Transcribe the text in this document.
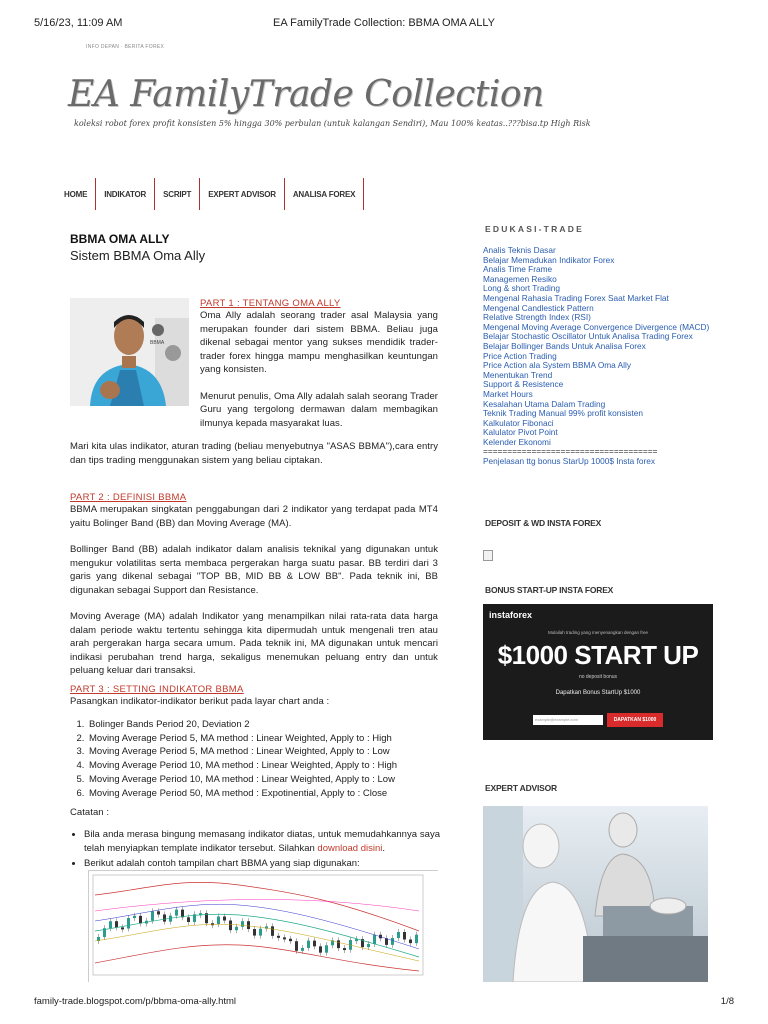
5/16/23, 11:09 AM	EA FamilyTrade Collection: BBMA OMA ALLY
INFO DEPAN · BERITA FOREX
EA FamilyTrade Collection
koleksi robot forex profit konsisten 5% hingga 30% perbulan (untuk kalangan Sendiri), Mau 100% keatas..???bisa.tp High Risk
HOME	INDIKATOR	SCRIPT	EXPERT ADVISOR	ANALISA FOREX
BBMA OMA ALLY
Sistem BBMA Oma Ally
BBMA
PART 1 : TENTANG OMA ALLY

Oma Ally adalah seorang trader asal Malaysia yang merupakan founder dari sistem BBMA. Beliau juga dikenal sebagai mentor yang sukses mendidik trader-trader forex hingga mampu menghasilkan keuntungan yang konsisten.

Menurut penulis, Oma Ally adalah salah seorang Trader Guru yang tergolong dermawan dalam membagikan ilmunya kepada masyarakat luas.

Mari kita ulas indikator, aturan trading (beliau menyebutnya "ASAS BBMA"),cara entry dan tips trading menggunakan sistem yang beliau ciptakan.

PART 2 : DEFINISI BBMA

BBMA merupakan singkatan penggabungan dari 2 indikator yang terdapat pada MT4 yaitu Bolinger Band (BB) dan Moving Average (MA).

Bollinger Band (BB) adalah indikator dalam analisis teknikal yang digunakan untuk mengukur volatilitas serta membaca pergerakan harga suatu pasar. BB terdiri dari 3 garis yang dikenal sebagai "TOP BB, MID BB & LOW BB". Pada teknik ini, BB digunakan sebagai Support dan Resistance.

Moving Average (MA) adalah Indikator yang menampilkan nilai rata-rata data harga dalam periode waktu tertentu sehingga kita dipermudah untuk mengenali tren atau arah pergerakan harga secara umum. Pada teknik ini, MA digunakan untuk mencari indikasi perubahan trend harga, sekaligus menemukan peluang entry dan untuk peluang keluar dari transaksi.

PART 3 : SETTING INDIKATOR BBMA

Pasangkan indikator-indikator berikut pada layar chart anda :

1. Bolinger Bands Period 20, Deviation 2
2. Moving Average Period 5, MA method : Linear Weighted, Apply to : High
3. Moving Average Period 5, MA method : Linear Weighted, Apply to : Low
4. Moving Average Period 10, MA method : Linear Weighted, Apply to : High
5. Moving Average Period 10, MA method : Linear Weighted, Apply to : Low
6. Moving Average Period 50, MA method : Expotinential, Apply to : Close

Catatan :

• Bila anda merasa bingung memasang indikator diatas, untuk memudahkannya saya telah menyiapkan template indikator tersebut. Silahkan download disini.
• Berikut adalah contoh tampilan chart BBMA yang siap digunakan:
EDUKASI-TRADE
Analis Teknis Dasar
Belajar Memadukan Indikator Forex
Analis Time Frame
Managemen Resiko
Long & short Trading
Mengenal Rahasia Trading Forex Saat Market Flat
Mengenal Candlestick Pattern
Relative Strength Index (RSI)
Mengenal Moving Average Convergence Divergence (MACD)
Belajar Stochastic Oscillator Untuk Analisa Trading Forex
Belajar Bollinger Bands Untuk Analisa Forex
Price Action Trading
Price Action ala System BBMA Oma Ally
Menentukan Trend
Support & Resistence
Market Hours
Kesalahan Utama Dalam Trading
Teknik Trading Manual 99% profit konsisten
Kalkulator Fibonaci
Kalulator Pivot Point
Kelender Ekonomi
====================================
Penjelasan ttg bonus StarUp 1000$ Insta forex
DEPOSIT & WD INSTA FOREX
BONUS START-UP INSTA FOREX
instaforex
Mulailah trading yang menyenangkan dengan free
$1000 START UP
no deposit bonus
Dapatkan Bonus StartUp $1000
example@example.com	DAPATKAN $1000
EXPERT ADVISOR
family-trade.blogspot.com/p/bbma-oma-ally.html	1/8
